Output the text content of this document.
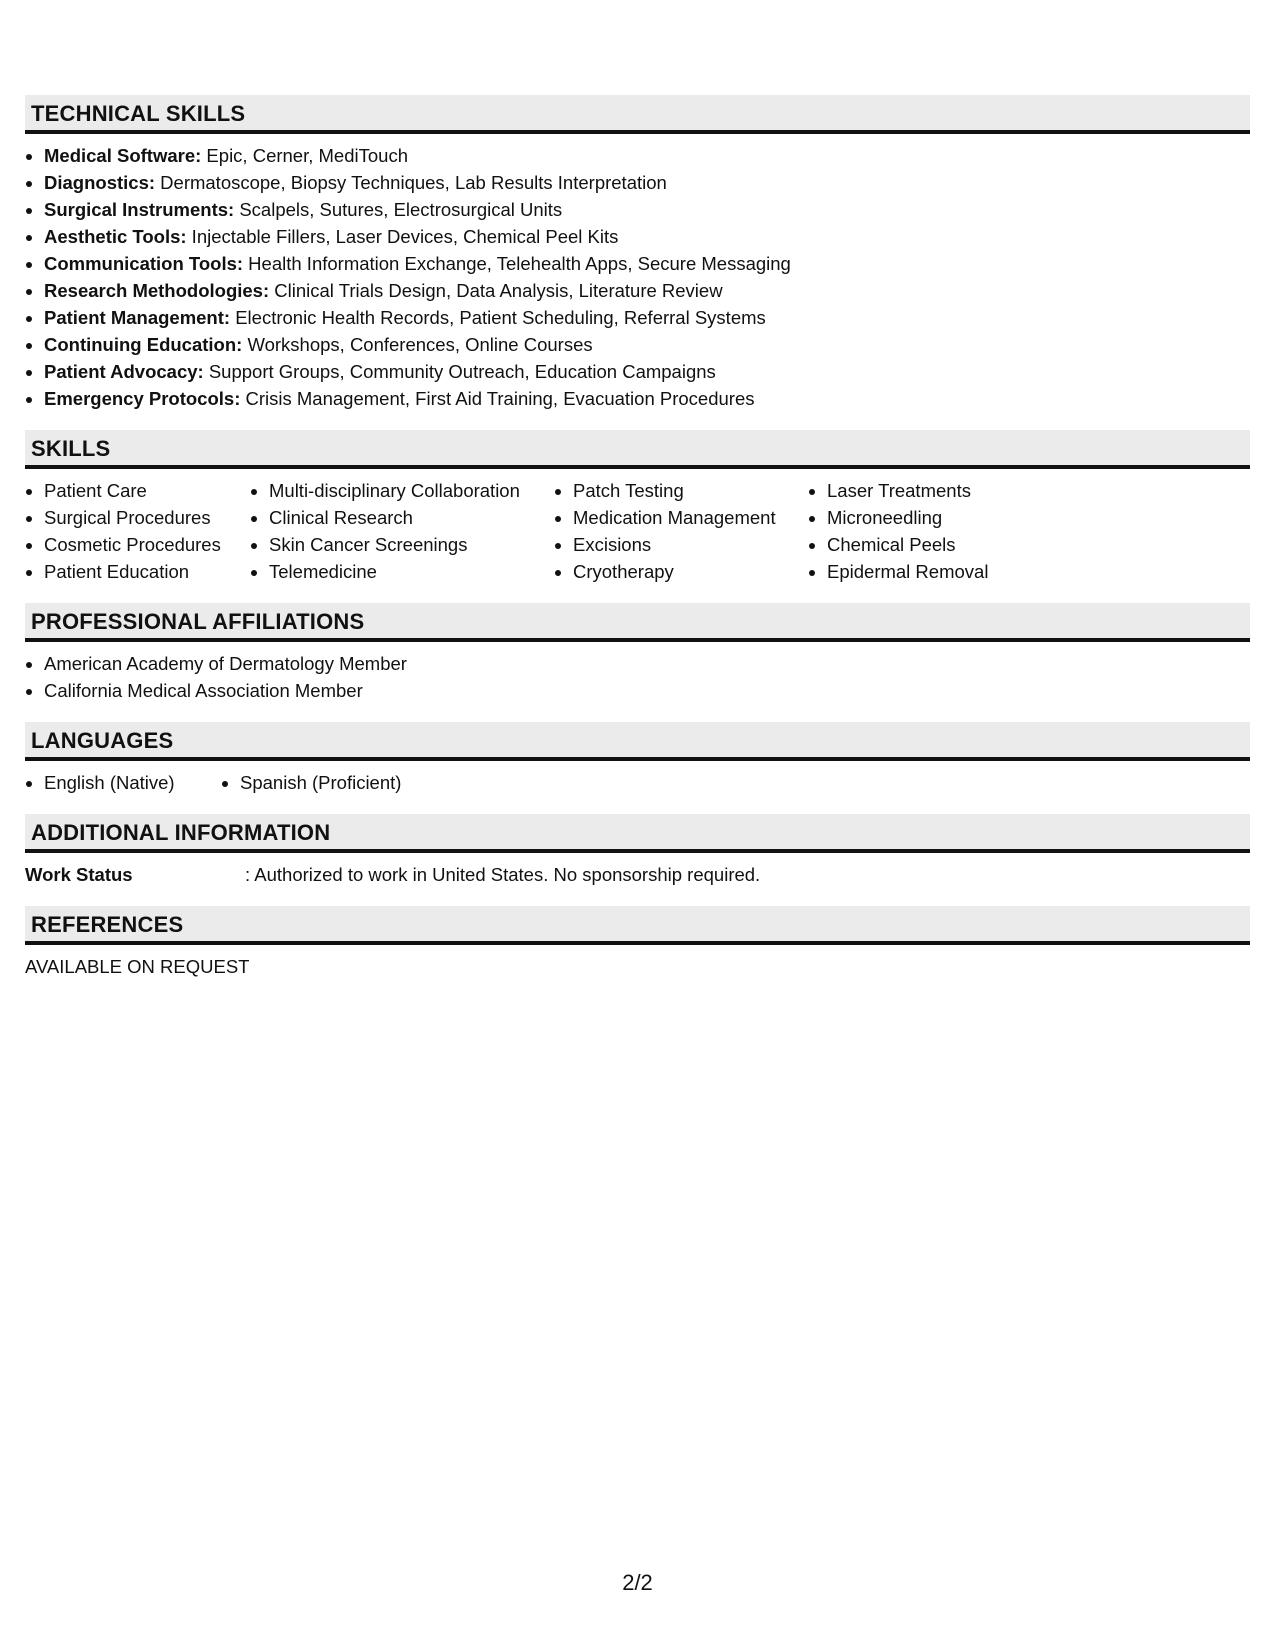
TECHNICAL SKILLS
Medical Software: Epic, Cerner, MediTouch
Diagnostics: Dermatoscope, Biopsy Techniques, Lab Results Interpretation
Surgical Instruments: Scalpels, Sutures, Electrosurgical Units
Aesthetic Tools: Injectable Fillers, Laser Devices, Chemical Peel Kits
Communication Tools: Health Information Exchange, Telehealth Apps, Secure Messaging
Research Methodologies: Clinical Trials Design, Data Analysis, Literature Review
Patient Management: Electronic Health Records, Patient Scheduling, Referral Systems
Continuing Education: Workshops, Conferences, Online Courses
Patient Advocacy: Support Groups, Community Outreach, Education Campaigns
Emergency Protocols: Crisis Management, First Aid Training, Evacuation Procedures
SKILLS
Patient Care
Surgical Procedures
Cosmetic Procedures
Patient Education
Multi-disciplinary Collaboration
Clinical Research
Skin Cancer Screenings
Telemedicine
Patch Testing
Medication Management
Excisions
Cryotherapy
Laser Treatments
Microneedling
Chemical Peels
Epidermal Removal
PROFESSIONAL AFFILIATIONS
American Academy of Dermatology Member
California Medical Association Member
LANGUAGES
English (Native)	Spanish (Proficient)
ADDITIONAL INFORMATION
Work Status	: Authorized to work in United States. No sponsorship required.
REFERENCES
AVAILABLE ON REQUEST
2/2
